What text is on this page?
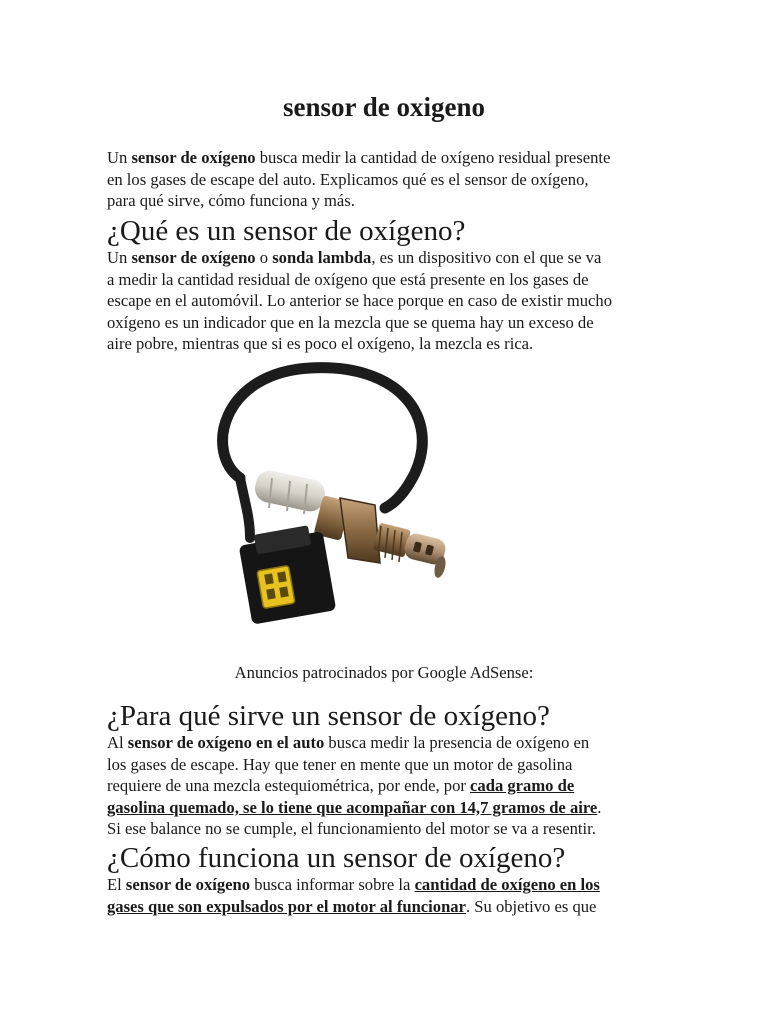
sensor de oxigeno

Un sensor de oxígeno busca medir la cantidad de oxígeno residual presente
en los gases de escape del auto. Explicamos qué es el sensor de oxígeno,
para qué sirve, cómo funciona y más.

¿Qué es un sensor de oxígeno?

Un sensor de oxígeno o sonda lambda, es un dispositivo con el que se va
a medir la cantidad residual de oxígeno que está presente en los gases de
escape en el automóvil. Lo anterior se hace porque en caso de existir mucho
oxígeno es un indicador que en la mezcla que se quema hay un exceso de
aire pobre, mientras que si es poco el oxígeno, la mezcla es rica.

Anuncios patrocinados por Google AdSense:

¿Para qué sirve un sensor de oxígeno?

Al sensor de oxígeno en el auto busca medir la presencia de oxígeno en
los gases de escape. Hay que tener en mente que un motor de gasolina
requiere de una mezcla estequiométrica, por ende, por cada gramo de
gasolina quemado, se lo tiene que acompañar con 14,7 gramos de aire.
Si ese balance no se cumple, el funcionamiento del motor se va a resentir.

¿Cómo funciona un sensor de oxígeno?

El sensor de oxígeno busca informar sobre la cantidad de oxígeno en los
gases que son expulsados por el motor al funcionar. Su objetivo es que
